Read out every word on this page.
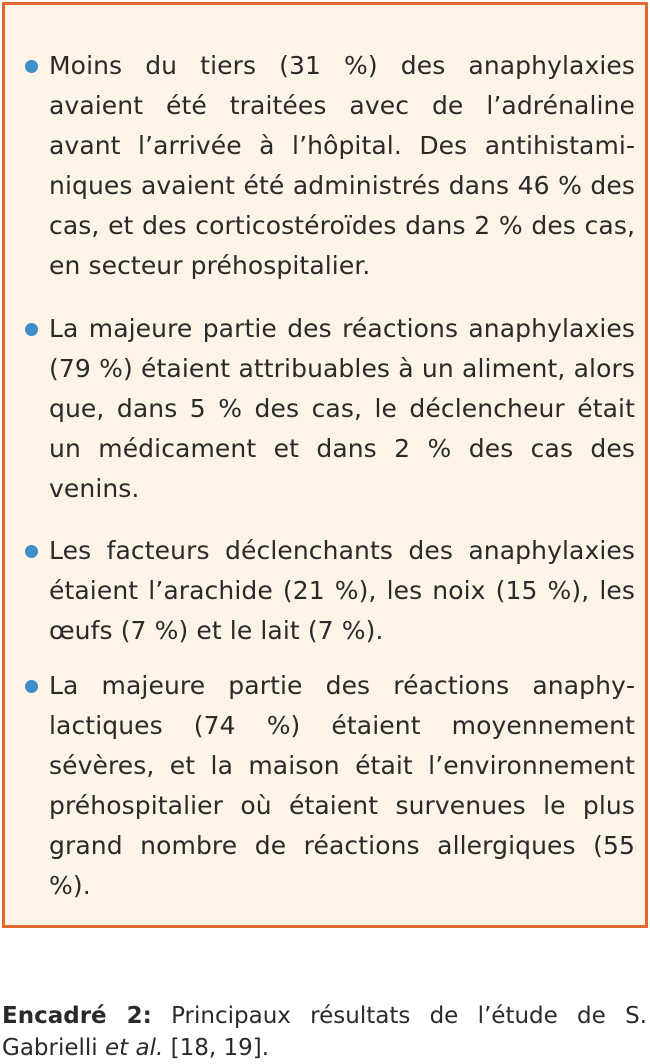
Moins du tiers (31 %) des anaphylaxies avaient été traitées avec de l’adrénaline avant l’arrivée à l’hôpital. Des antihistaminiques avaient été administrés dans 46 % des cas, et des corticostéroïdes dans 2 % des cas, en secteur préhospitalier.
La majeure partie des réactions anaphylaxies (79 %) étaient attribuables à un aliment, alors que, dans 5 % des cas, le déclencheur était un médicament et dans 2 % des cas des venins.
Les facteurs déclenchants des anaphylaxies étaient l’arachide (21 %), les noix (15 %), les œufs (7 %) et le lait (7 %).
La majeure partie des réactions anaphylactiques (74 %) étaient moyennement sévères, et la maison était l’environnement préhospitalier où étaient survenues le plus grand nombre de réactions allergiques (55 %).

Encadré 2: Principaux résultats de l’étude de S. Gabrielli et al. [18, 19].
